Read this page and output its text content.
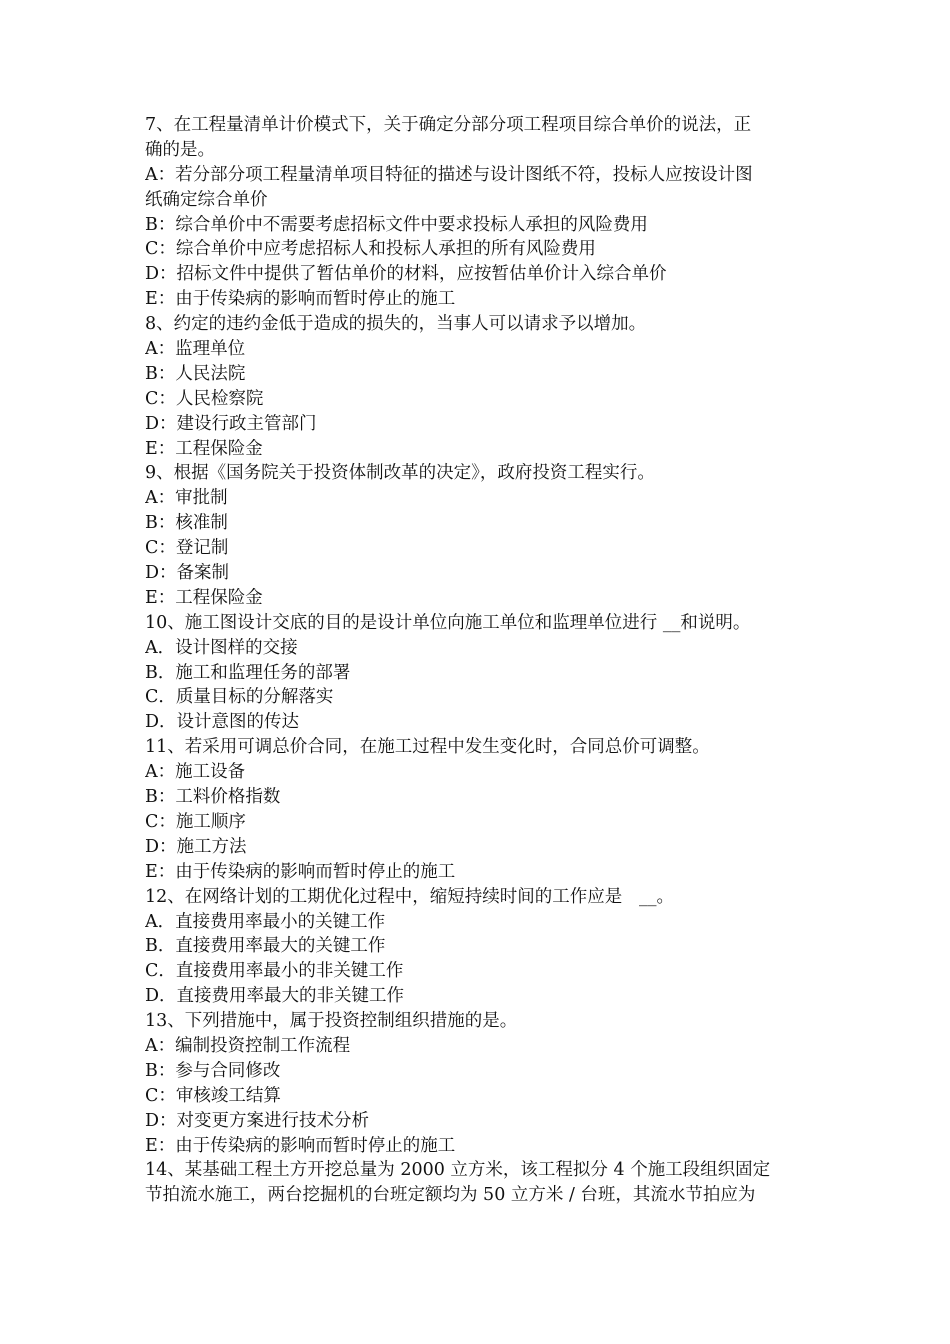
7、在工程量清单计价模式下，关于确定分部分项工程项目综合单价的说法，正
确的是。
A：若分部分项工程量清单项目特征的描述与设计图纸不符，投标人应按设计图
纸确定综合单价
B：综合单价中不需要考虑招标文件中要求投标人承担的风险费用
C：综合单价中应考虑招标人和投标人承担的所有风险费用
D：招标文件中提供了暂估单价的材料，应按暂估单价计入综合单价
E：由于传染病的影响而暂时停止的施工
8、约定的违约金低于造成的损失的，当事人可以请求予以增加。
A：监理单位
B：人民法院
C：人民检察院
D：建设行政主管部门
E：工程保险金
9、根据《国务院关于投资体制改革的决定》，政府投资工程实行。
A：审批制
B：核准制
C：登记制
D：备案制
E：工程保险金
10、施工图设计交底的目的是设计单位向施工单位和监理单位进行 __和说明。
A．设计图样的交接
B．施工和监理任务的部署
C．质量目标的分解落实
D．设计意图的传达
11、若采用可调总价合同，在施工过程中发生变化时，合同总价可调整。
A：施工设备
B：工料价格指数
C：施工顺序
D：施工方法
E：由于传染病的影响而暂时停止的施工
12、在网络计划的工期优化过程中，缩短持续时间的工作应是   __。
A．直接费用率最小的关键工作
B．直接费用率最大的关键工作
C．直接费用率最小的非关键工作
D．直接费用率最大的非关键工作
13、下列措施中，属于投资控制组织措施的是。
A：编制投资控制工作流程
B：参与合同修改
C：审核竣工结算
D：对变更方案进行技术分析
E：由于传染病的影响而暂时停止的施工
14、某基础工程土方开挖总量为 2000 立方米，该工程拟分 4 个施工段组织固定
节拍流水施工，两台挖掘机的台班定额均为 50 立方米 / 台班，其流水节拍应为
